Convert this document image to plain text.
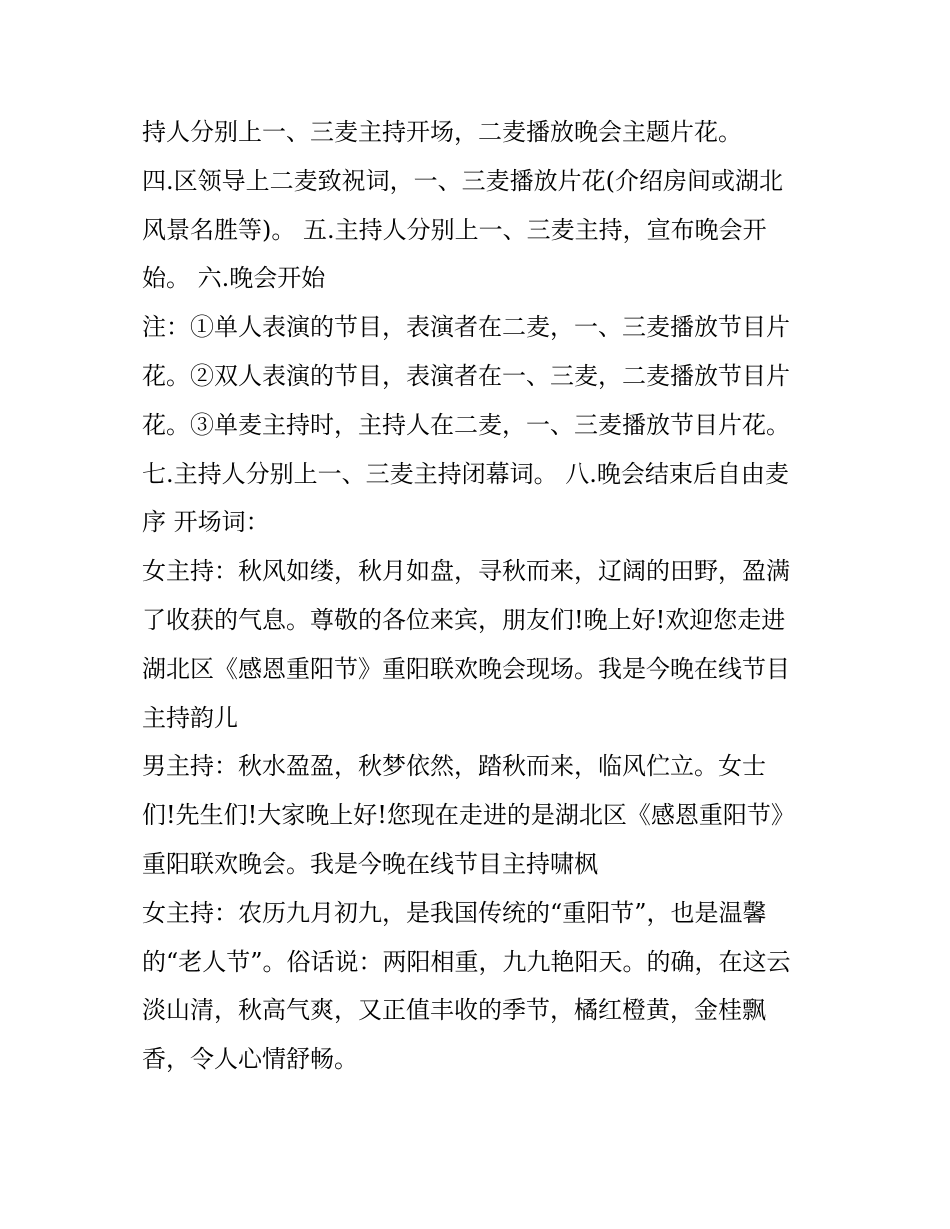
持人分别上一、三麦主持开场，二麦播放晚会主题片花。
四.区领导上二麦致祝词，一、三麦播放片花(介绍房间或湖北
风景名胜等)。 五.主持人分别上一、三麦主持，宣布晚会开
始。 六.晚会开始
注：①单人表演的节目，表演者在二麦，一、三麦播放节目片
花。②双人表演的节目，表演者在一、三麦，二麦播放节目片
花。③单麦主持时，主持人在二麦，一、三麦播放节目片花。
七.主持人分别上一、三麦主持闭幕词。 八.晚会结束后自由麦
序 开场词：
女主持：秋风如缕，秋月如盘，寻秋而来，辽阔的田野，盈满
了收获的气息。尊敬的各位来宾，朋友们!晚上好!欢迎您走进
湖北区《感恩重阳节》重阳联欢晚会现场。我是今晚在线节目
主持韵儿
男主持：秋水盈盈，秋梦依然，踏秋而来，临风伫立。女士
们!先生们!大家晚上好!您现在走进的是湖北区《感恩重阳节》
重阳联欢晚会。我是今晚在线节目主持啸枫
女主持：农历九月初九，是我国传统的“重阳节”，也是温馨
的“老人节”。俗话说：两阳相重，九九艳阳天。的确，在这云
淡山清，秋高气爽，又正值丰收的季节，橘红橙黄，金桂飘
香，令人心情舒畅。
